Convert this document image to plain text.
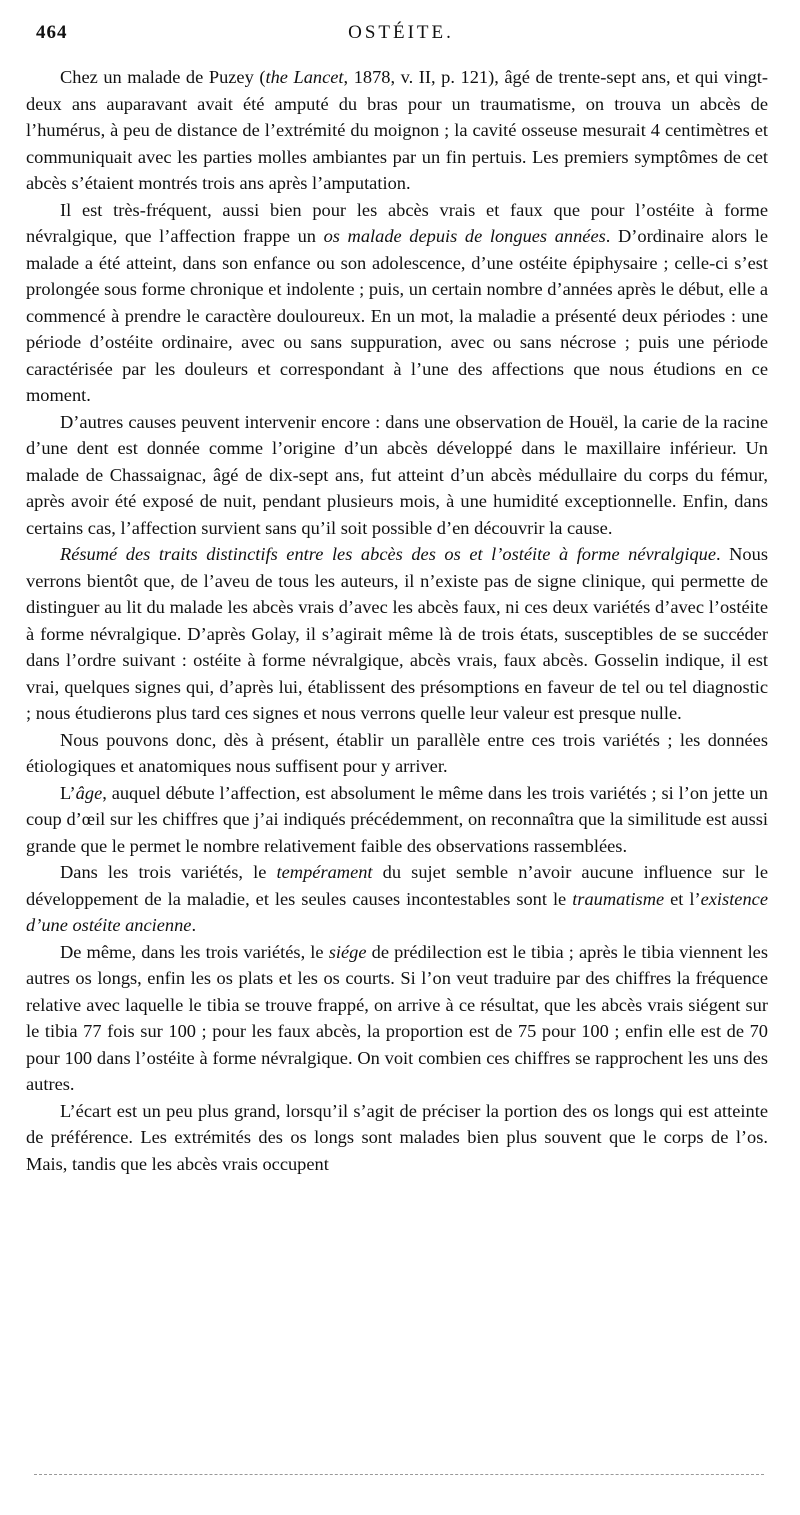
464	OSTÉITE.

Chez un malade de Puzey (the Lancet, 1878, v. II, p. 121), âgé de trente-sept ans, et qui vingt-deux ans auparavant avait été amputé du bras pour un traumatisme, on trouva un abcès de l’humérus, à peu de distance de l’extrémité du moignon ; la cavité osseuse mesurait 4 centimètres et communiquait avec les parties molles ambiantes par un fin pertuis. Les premiers symptômes de cet abcès s’étaient montrés trois ans après l’amputation.

Il est très-fréquent, aussi bien pour les abcès vrais et faux que pour l’ostéite à forme névralgique, que l’affection frappe un os malade depuis de longues années. D’ordinaire alors le malade a été atteint, dans son enfance ou son adolescence, d’une ostéite épiphysaire ; celle-ci s’est prolongée sous forme chronique et indolente ; puis, un certain nombre d’années après le début, elle a commencé à prendre le caractère douloureux. En un mot, la maladie a présenté deux périodes : une période d’ostéite ordinaire, avec ou sans suppuration, avec ou sans nécrose ; puis une période caractérisée par les douleurs et correspondant à l’une des affections que nous étudions en ce moment.

D’autres causes peuvent intervenir encore : dans une observation de Houël, la carie de la racine d’une dent est donnée comme l’origine d’un abcès développé dans le maxillaire inférieur. Un malade de Chassaignac, âgé de dix-sept ans, fut atteint d’un abcès médullaire du corps du fémur, après avoir été exposé de nuit, pendant plusieurs mois, à une humidité exceptionnelle. Enfin, dans certains cas, l’affection survient sans qu’il soit possible d’en découvrir la cause.

Résumé des traits distinctifs entre les abcès des os et l’ostéite à forme névralgique. Nous verrons bientôt que, de l’aveu de tous les auteurs, il n’existe pas de signe clinique, qui permette de distinguer au lit du malade les abcès vrais d’avec les abcès faux, ni ces deux variétés d’avec l’ostéite à forme névralgique. D’après Golay, il s’agirait même là de trois états, susceptibles de se succéder dans l’ordre suivant : ostéite à forme névralgique, abcès vrais, faux abcès. Gosselin indique, il est vrai, quelques signes qui, d’après lui, établissent des présomptions en faveur de tel ou tel diagnostic ; nous étudierons plus tard ces signes et nous verrons quelle leur valeur est presque nulle.

Nous pouvons donc, dès à présent, établir un parallèle entre ces trois variétés ; les données étiologiques et anatomiques nous suffisent pour y arriver.

L’âge, auquel débute l’affection, est absolument le même dans les trois variétés ; si l’on jette un coup d’œil sur les chiffres que j’ai indiqués précédemment, on reconnaîtra que la similitude est aussi grande que le permet le nombre relativement faible des observations rassemblées.

Dans les trois variétés, le tempérament du sujet semble n’avoir aucune influence sur le développement de la maladie, et les seules causes incontestables sont le traumatisme et l’existence d’une ostéite ancienne.

De même, dans les trois variétés, le siége de prédilection est le tibia ; après le tibia viennent les autres os longs, enfin les os plats et les os courts. Si l’on veut traduire par des chiffres la fréquence relative avec laquelle le tibia se trouve frappé, on arrive à ce résultat, que les abcès vrais siégent sur le tibia 77 fois sur 100 ; pour les faux abcès, la proportion est de 75 pour 100 ; enfin elle est de 70 pour 100 dans l’ostéite à forme névralgique. On voit combien ces chiffres se rapprochent les uns des autres.

L’écart est un peu plus grand, lorsqu’il s’agit de préciser la portion des os longs qui est atteinte de préférence. Les extrémités des os longs sont malades bien plus souvent que le corps de l’os. Mais, tandis que les abcès vrais occupent
